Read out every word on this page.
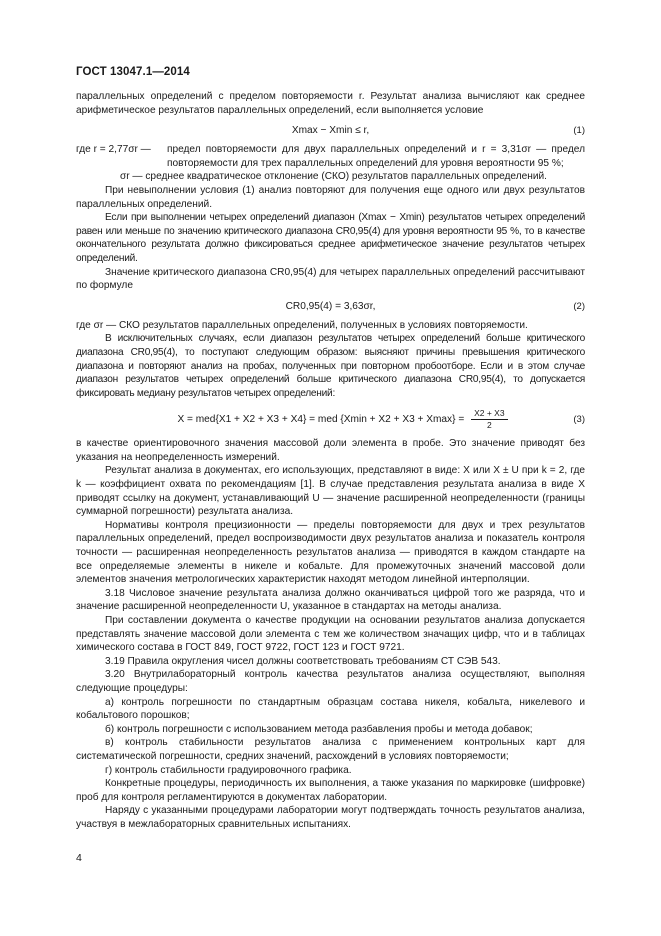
ГОСТ 13047.1—2014

параллельных определений с пределом повторяемости r. Результат анализа вычисляют как среднее арифметическое результатов параллельных определений, если выполняется условие

Xmax − Xmin ≤ r,	(1)
где r = 2,77σr — предел повторяемости для двух параллельных определений и r = 3,31σr — предел повторяемости для трех параллельных определений для уровня вероятности 95 %;
σr — среднее квадратическое отклонение (СКО) результатов параллельных определений.

При невыполнении условия (1) анализ повторяют для получения еще одного или двух результатов параллельных определений.

Если при выполнении четырех определений диапазон (Xmax − Xmin) результатов четырех определений равен или меньше по значению критического диапазона CR0,95(4) для уровня вероятности 95 %, то в качестве окончательного результата должно фиксироваться среднее арифметическое значение результатов четырех определений.

Значение критического диапазона CR0,95(4) для четырех параллельных определений рассчитывают по формуле

CR0,95(4) = 3,63σr,	(2)

где σr — СКО результатов параллельных определений, полученных в условиях повторяемости.

В исключительных случаях, если диапазон результатов четырех определений больше критического диапазона CR0,95(4), то поступают следующим образом: выясняют причины превышения критического диапазона и повторяют анализ на пробах, полученных при повторном пробоотборе. Если и в этом случае диапазон результатов четырех определений больше критического диапазона CR0,95(4), то допускается фиксировать медиану результатов четырех определений:

X = med{X1 + X2 + X3 + X4} = med $\{Xmin + X2 + X3 + Xmax\} = \frac{X2 + X3}{2}$	(3)

в качестве ориентировочного значения массовой доли элемента в пробе. Это значение приводят без указания на неопределенность измерений.

Результат анализа в документах, его использующих, представляют в виде: X или X ± U при k = 2, где k — коэффициент охвата по рекомендациям [1]. В случае представления результата анализа в виде X приводят ссылку на документ, устанавливающий U — значение расширенной неопределенности (границы суммарной погрешности) результата анализа.

Нормативы контроля прецизионности — пределы повторяемости для двух и трех результатов параллельных определений, предел воспроизводимости двух результатов анализа и показатель контроля точности — расширенная неопределенность результатов анализа — приводятся в каждом стандарте на все определяемые элементы в никеле и кобальте. Для промежуточных значений массовой доли элементов значения метрологических характеристик находят методом линейной интерполяции.

3.18 Числовое значение результата анализа должно оканчиваться цифрой того же разряда, что и значение расширенной неопределенности U, указанное в стандартах на методы анализа.

При составлении документа о качестве продукции на основании результатов анализа допускается представлять значение массовой доли элемента с тем же количеством значащих цифр, что и в таблицах химического состава в ГОСТ 849, ГОСТ 9722, ГОСТ 123 и ГОСТ 9721.

3.19 Правила округления чисел должны соответствовать требованиям СТ СЭВ 543.

3.20 Внутрилабораторный контроль качества результатов анализа осуществляют, выполняя следующие процедуры:

а) контроль погрешности по стандартным образцам состава никеля, кобальта, никелевого и кобальтового порошков;

б) контроль погрешности с использованием метода разбавления пробы и метода добавок;

в) контроль стабильности результатов анализа с применением контрольных карт для систематической погрешности, средних значений, расхождений в условиях повторяемости;

г) контроль стабильности градуировочного графика.

Конкретные процедуры, периодичность их выполнения, а также указания по маркировке (шифровке) проб для контроля регламентируются в документах лаборатории.

Наряду с указанными процедурами лаборатории могут подтверждать точность результатов анализа, участвуя в межлабораторных сравнительных испытаниях.

4
